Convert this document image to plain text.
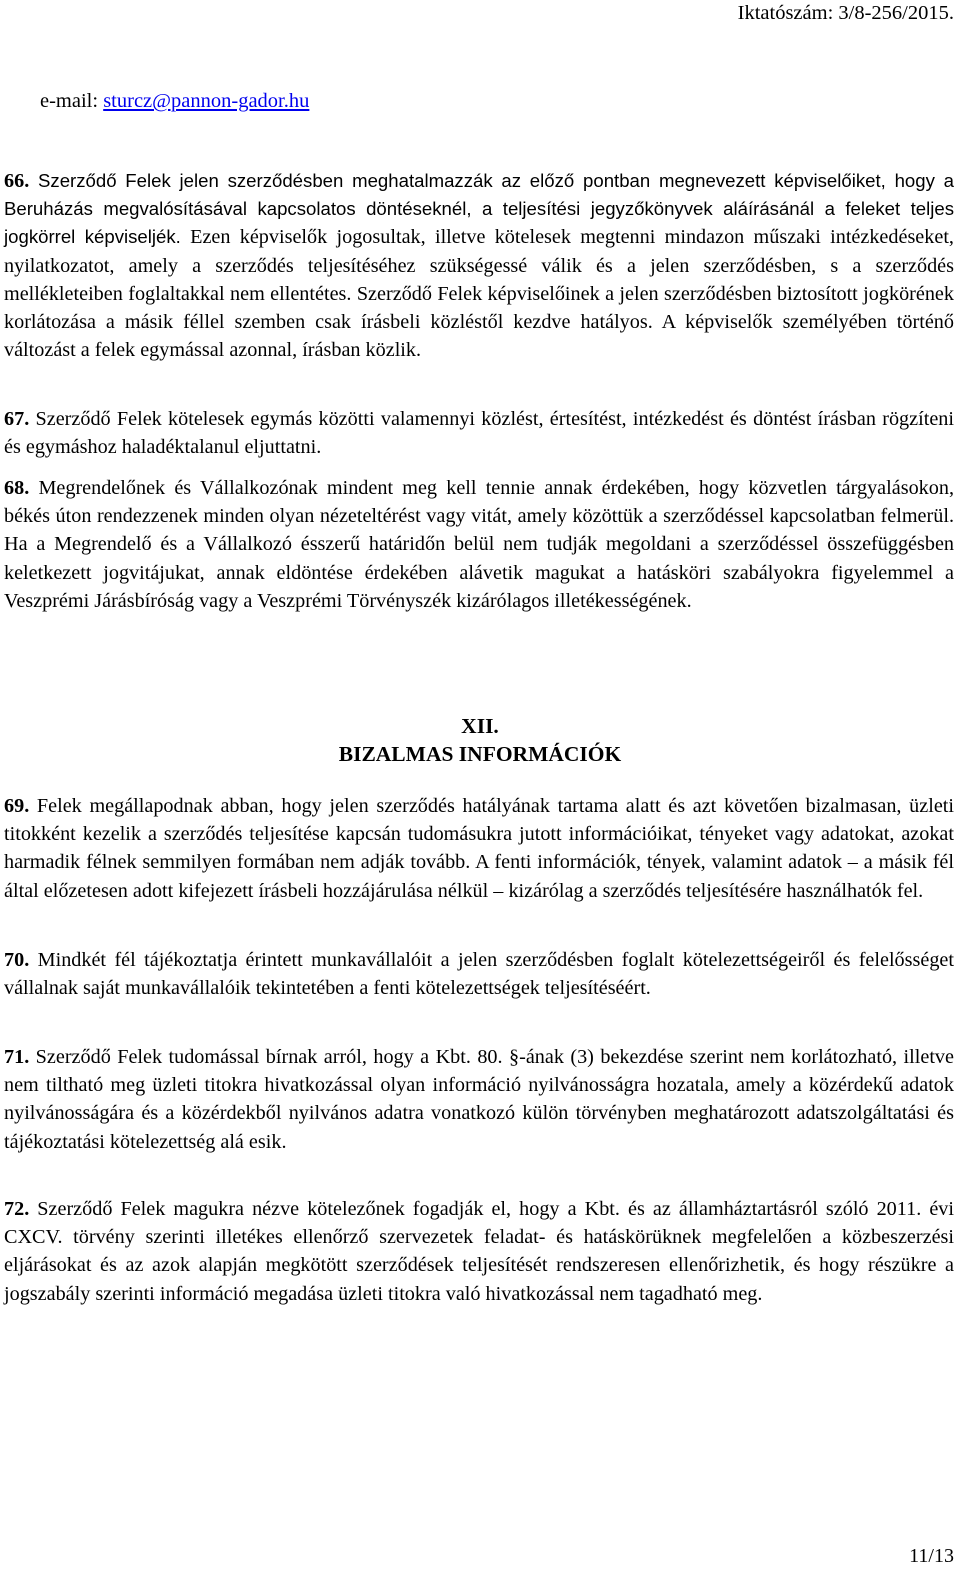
Iktatószám: 3/8-256/2015.
e-mail: sturcz@pannon-gador.hu

66. Szerződő Felek jelen szerződésben meghatalmazzák az előző pontban megnevezett képviselőiket, hogy a Beruházás megvalósításával kapcsolatos döntéseknél, a teljesítési jegyzőkönyvek aláírásánál a feleket teljes jogkörrel képviseljék. Ezen képviselők jogosultak, illetve kötelesek megtenni mindazon műszaki intézkedéseket, nyilatkozatot, amely a szerződés teljesítéséhez szükségessé válik és a jelen szerződésben, s a szerződés mellékleteiben foglaltakkal nem ellentétes. Szerződő Felek képviselőinek a jelen szerződésben biztosított jogkörének korlátozása a másik féllel szemben csak írásbeli közléstől kezdve hatályos. A képviselők személyében történő változást a felek egymással azonnal, írásban közlik.

67. Szerződő Felek kötelesek egymás közötti valamennyi közlést, értesítést, intézkedést és döntést írásban rögzíteni és egymáshoz haladéktalanul eljuttatni.

68. Megrendelőnek és Vállalkozónak mindent meg kell tennie annak érdekében, hogy közvetlen tárgyalásokon, békés úton rendezzenek minden olyan nézeteltérést vagy vitát, amely közöttük a szerződéssel kapcsolatban felmerül. Ha a Megrendelő és a Vállalkozó ésszerű határidőn belül nem tudják megoldani a szerződéssel összefüggésben keletkezett jogvitájukat, annak eldöntése érdekében alávetik magukat a hatásköri szabályokra figyelemmel a Veszprémi Járásbíróság vagy a Veszprémi Törvényszék kizárólagos illetékességének.

XII.
BIZALMAS INFORMÁCIÓK

69. Felek megállapodnak abban, hogy jelen szerződés hatályának tartama alatt és azt követően bizalmasan, üzleti titokként kezelik a szerződés teljesítése kapcsán tudomásukra jutott információikat, tényeket vagy adatokat, azokat harmadik félnek semmilyen formában nem adják tovább. A fenti információk, tények, valamint adatok – a másik fél által előzetesen adott kifejezett írásbeli hozzájárulása nélkül – kizárólag a szerződés teljesítésére használhatók fel.

70. Mindkét fél tájékoztatja érintett munkavállalóit a jelen szerződésben foglalt kötelezettségeiről és felelősséget vállalnak saját munkavállalóik tekintetében a fenti kötelezettségek teljesítéséért.

71. Szerződő Felek tudomással bírnak arról, hogy a Kbt. 80. §-ának (3) bekezdése szerint nem korlátozható, illetve nem tiltható meg üzleti titokra hivatkozással olyan információ nyilvánosságra hozatala, amely a közérdekű adatok nyilvánosságára és a közérdekből nyilvános adatra vonatkozó külön törvényben meghatározott adatszolgáltatási és tájékoztatási kötelezettség alá esik.

72. Szerződő Felek magukra nézve kötelezőnek fogadják el, hogy a Kbt. és az államháztartásról szóló 2011. évi CXCV. törvény szerinti illetékes ellenőrző szervezetek feladat- és hatáskörüknek megfelelően a közbeszerzési eljárásokat és az azok alapján megkötött szerződések teljesítését rendszeresen ellenőrizhetik, és hogy részükre a jogszabály szerinti információ megadása üzleti titokra való hivatkozással nem tagadható meg.

11/13
